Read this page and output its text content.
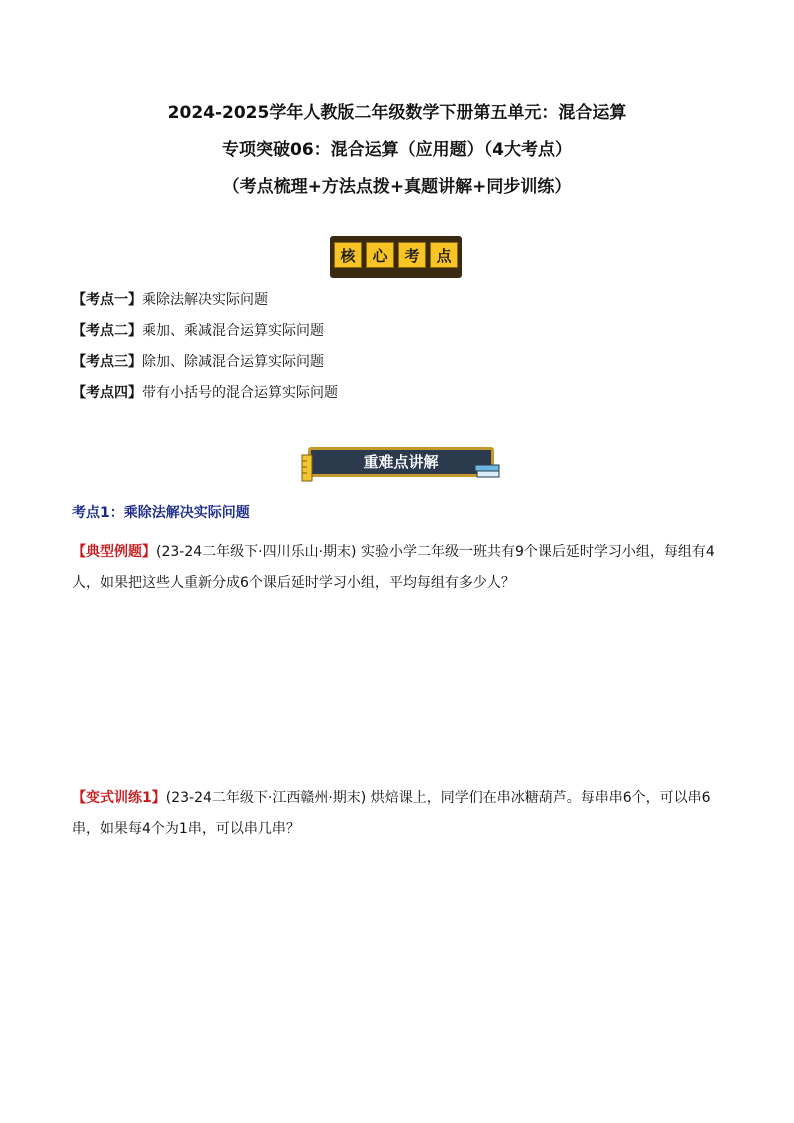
2024-2025学年人教版二年级数学下册第五单元：混合运算
专项突破06：混合运算（应用题）（4大考点）
（考点梳理+方法点拨+真题讲解+同步训练）
核	心	考	点
【考点一】乘除法解决实际问题
【考点二】乘加、乘减混合运算实际问题
【考点三】除加、除减混合运算实际问题
【考点四】带有小括号的混合运算实际问题
重难点讲解
考点1：乘除法解决实际问题
【典型例题】(23-24二年级下·四川乐山·期末) 实验小学二年级一班共有9个课后延时学习小组，每组有4人，如果把这些人重新分成6个课后延时学习小组，平均每组有多少人？
【变式训练1】(23-24二年级下·江西赣州·期末) 烘焙课上，同学们在串冰糖葫芦。每串串6个，可以串6串，如果每4个为1串，可以串几串？
